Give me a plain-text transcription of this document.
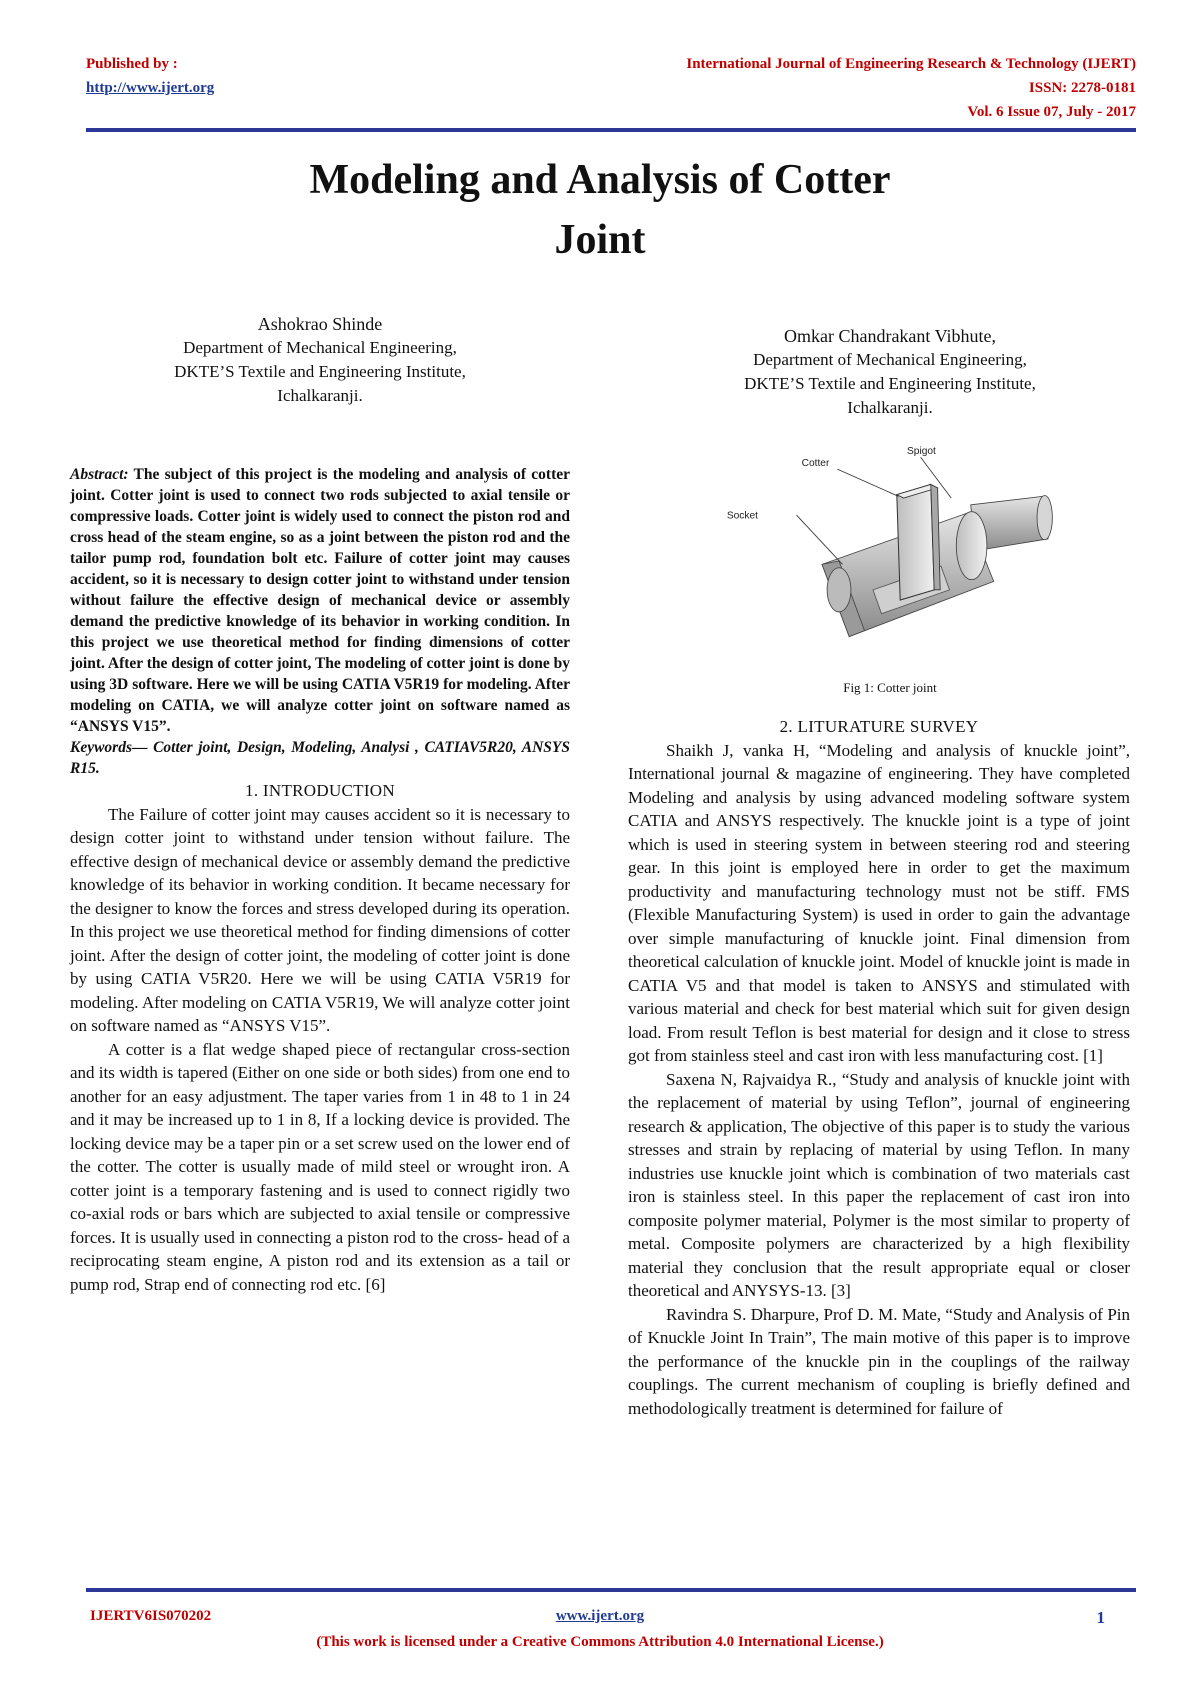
Published by :
http://www.ijert.org
International Journal of Engineering Research & Technology (IJERT)
ISSN: 2278-0181
Vol. 6 Issue 07, July - 2017
Modeling and Analysis of Cotter
Joint
Ashokrao Shinde
Department of Mechanical Engineering,
DKTE’S Textile and Engineering Institute,
Ichalkaranji.
Omkar Chandrakant Vibhute,
Department of Mechanical Engineering,
DKTE’S Textile and Engineering Institute,
Ichalkaranji.

Abstract: The subject of this project is the modeling and analysis of cotter joint. Cotter joint is used to connect two rods subjected to axial tensile or compressive loads. Cotter joint is widely used to connect the piston rod and cross head of the steam engine, so as a joint between the piston rod and the tailor pump rod, foundation bolt etc. Failure of cotter joint may causes accident, so it is necessary to design cotter joint to withstand under tension without failure the effective design of mechanical device or assembly demand the predictive knowledge of its behavior in working condition. In this project we use theoretical method for finding dimensions of cotter joint. After the design of cotter joint, The modeling of cotter joint is done by using 3D software. Here we will be using CATIA V5R19 for modeling. After modeling on CATIA, we will analyze cotter joint on software named as “ANSYS V15”.

Keywords— Cotter joint, Design, Modeling, Analysi , CATIAV5R20, ANSYS R15.

1. INTRODUCTION

The Failure of cotter joint may causes accident so it is necessary to design cotter joint to withstand under tension without failure. The effective design of mechanical device or assembly demand the predictive knowledge of its behavior in working condition. It became necessary for the designer to know the forces and stress developed during its operation. In this project we use theoretical method for finding dimensions of cotter joint. After the design of cotter joint, the modeling of cotter joint is done by using CATIA V5R20. Here we will be using CATIA V5R19 for modeling. After modeling on CATIA V5R19, We will analyze cotter joint on software named as “ANSYS V15”.

A cotter is a flat wedge shaped piece of rectangular cross-section and its width is tapered (Either on one side or both sides) from one end to another for an easy adjustment. The taper varies from 1 in 48 to 1 in 24 and it may be increased up to 1 in 8, If a locking device is provided. The locking device may be a taper pin or a set screw used on the lower end of the cotter. The cotter is usually made of mild steel or wrought iron. A cotter joint is a temporary fastening and is used to connect rigidly two co-axial rods or bars which are subjected to axial tensile or compressive forces. It is usually used in connecting a piston rod to the cross- head of a reciprocating steam engine, A piston rod and its extension as a tail or pump rod, Strap end of connecting rod etc. [6]

Spigot
Cotter
Socket
Fig 1: Cotter joint

2. LITURATURE SURVEY

Shaikh J, vanka H, “Modeling and analysis of knuckle joint”, International journal & magazine of engineering. They have completed Modeling and analysis by using advanced modeling software system CATIA and ANSYS respectively. The knuckle joint is a type of joint which is used in steering system in between steering rod and steering gear. In this joint is employed here in order to get the maximum productivity and manufacturing technology must not be stiff. FMS (Flexible Manufacturing System) is used in order to gain the advantage over simple manufacturing of knuckle joint. Final dimension from theoretical calculation of knuckle joint. Model of knuckle joint is made in CATIA V5 and that model is taken to ANSYS and stimulated with various material and check for best material which suit for given design load. From result Teflon is best material for design and it close to stress got from stainless steel and cast iron with less manufacturing cost. [1]

Saxena N, Rajvaidya R., “Study and analysis of knuckle joint with the replacement of material by using Teflon”, journal of engineering research & application, The objective of this paper is to study the various stresses and strain by replacing of material by using Teflon. In many industries use knuckle joint which is combination of two materials cast iron is stainless steel. In this paper the replacement of cast iron into composite polymer material, Polymer is the most similar to property of metal. Composite polymers are characterized by a high flexibility material they conclusion that the result appropriate equal or closer theoretical and ANYSYS-13. [3]

Ravindra S. Dharpure, Prof D. M. Mate, “Study and Analysis of Pin of Knuckle Joint In Train”, The main motive of this paper is to improve the performance of the knuckle pin in the couplings of the railway couplings. The current mechanism of coupling is briefly defined and methodologically treatment is determined for failure of

IJERTV6IS070202	www.ijert.org	1
(This work is licensed under a Creative Commons Attribution 4.0 International License.)
